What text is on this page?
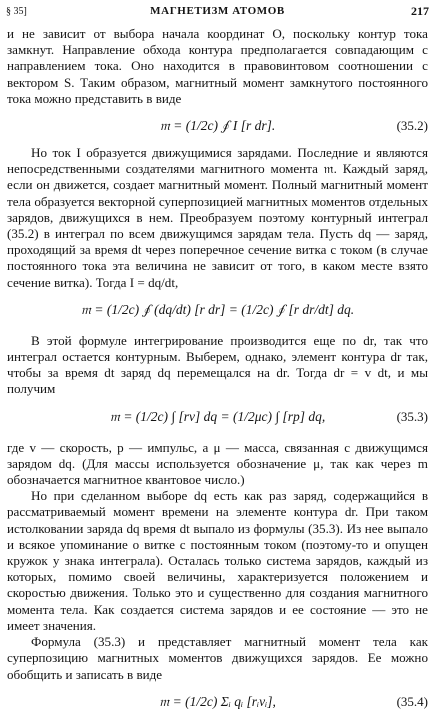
§ 35]	МАГНЕТИЗМ АТОМОВ	217

и не зависит от выбора начала координат O, поскольку контур тока замкнут. Направление обхода контура предполагается совпадающим с направлением тока. Оно находится в правовинтовом соотношении с вектором S. Таким образом, магнитный момент замкнутого постоянного тока можно представить в виде

𝔪 = (1/2c) ∮ I [r dr].	(35.2)

Но ток I образуется движущимися зарядами. Последние и являются непосредственными создателями магнитного момента 𝔪. Каждый заряд, если он движется, создает магнитный момент. Полный магнитный момент тела образуется векторной суперпозицией магнитных моментов отдельных зарядов, движущихся в нем. Преобразуем поэтому контурный интеграл (35.2) в интеграл по всем движущимся зарядам тела. Пусть dq — заряд, проходящий за время dt через поперечное сечение витка с током (в случае постоянного тока эта величина не зависит от того, в каком месте взято сечение витка). Тогда I = dq/dt,

𝔪 = (1/2c) ∮ (dq/dt) [r dr] = (1/2c) ∮ [r dr/dt] dq.

В этой формуле интегрирование производится еще по dr, так что интеграл остается контурным. Выберем, однако, элемент контура dr так, чтобы за время dt заряд dq перемещался на dr. Тогда dr = v dt, и мы получим

𝔪 = (1/2c) ∫ [rv] dq = (1/2μc) ∫ [rp] dq,	(35.3)

где v — скорость, p — импульс, а μ — масса, связанная с движущимся зарядом dq. (Для массы используется обозначение μ, так как через m обозначается магнитное квантовое число.)

Но при сделанном выборе dq есть как раз заряд, содержащийся в рассматриваемый момент времени на элементе контура dr. При таком истолковании заряда dq время dt выпало из формулы (35.3). Из нее выпало и всякое упоминание о витке с постоянным током (поэтому-то и опущен кружок у знака интеграла). Осталась только система зарядов, каждый из которых, помимо своей величины, характеризуется положением и скоростью движения. Только это и существенно для создания магнитного момента тела. Как создается система зарядов и ее состояние — это не имеет значения.

Формула (35.3) и представляет магнитный момент тела как суперпозицию магнитных моментов движущихся зарядов. Ее можно обобщить и записать в виде

𝔪 = (1/2c) Σᵢ qᵢ [rᵢvᵢ],	(35.4)
